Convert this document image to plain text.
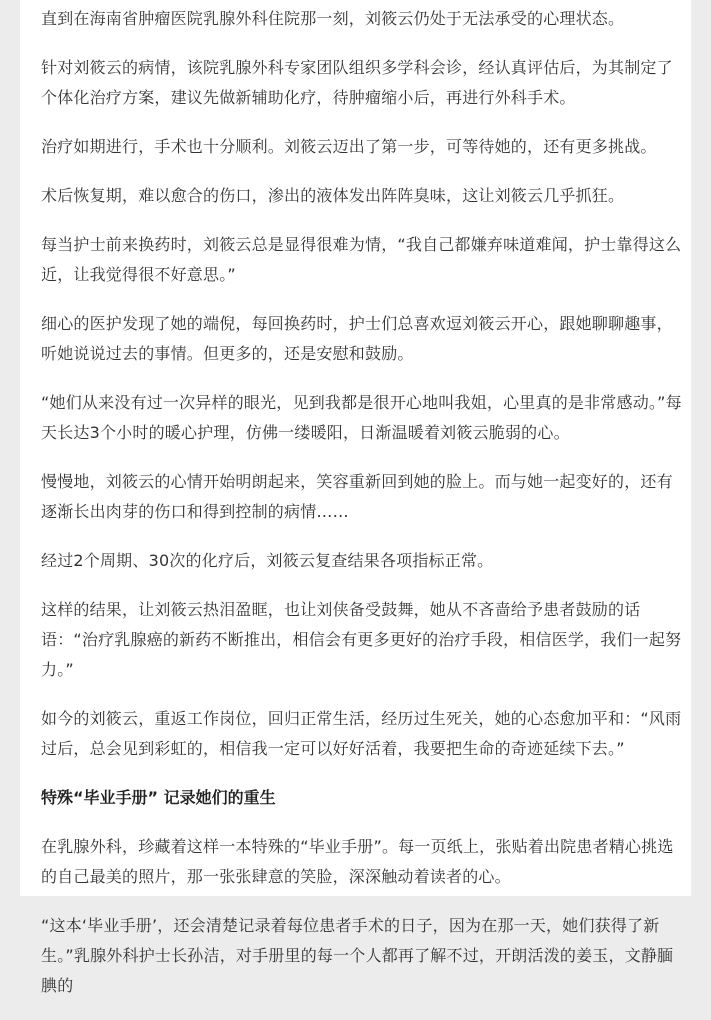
直到在海南省肿瘤医院乳腺外科住院那一刻，刘筱云仍处于无法承受的心理状态。

针对刘筱云的病情，该院乳腺外科专家团队组织多学科会诊，经认真评估后，为其制定了个体化治疗方案，建议先做新辅助化疗，待肿瘤缩小后，再进行外科手术。

治疗如期进行，手术也十分顺利。刘筱云迈出了第一步，可等待她的，还有更多挑战。

术后恢复期，难以愈合的伤口，渗出的液体发出阵阵臭味，这让刘筱云几乎抓狂。

每当护士前来换药时，刘筱云总是显得很难为情，“我自己都嫌弃味道难闻，护士靠得这么近，让我觉得很不好意思。”

细心的医护发现了她的端倪，每回换药时，护士们总喜欢逗刘筱云开心，跟她聊聊趣事，听她说说过去的事情。但更多的，还是安慰和鼓励。

“她们从来没有过一次异样的眼光，见到我都是很开心地叫我姐，心里真的是非常感动。”每天长达3个小时的暖心护理，仿佛一缕暖阳，日渐温暖着刘筱云脆弱的心。

慢慢地，刘筱云的心情开始明朗起来，笑容重新回到她的脸上。而与她一起变好的，还有逐渐长出肉芽的伤口和得到控制的病情……

经过2个周期、30次的化疗后，刘筱云复查结果各项指标正常。

这样的结果，让刘筱云热泪盈眶，也让刘侠备受鼓舞，她从不吝啬给予患者鼓励的话语：“治疗乳腺癌的新药不断推出，相信会有更多更好的治疗手段，相信医学，我们一起努力。”

如今的刘筱云，重返工作岗位，回归正常生活，经历过生死关，她的心态愈加平和：“风雨过后，总会见到彩虹的，相信我一定可以好好活着，我要把生命的奇迹延续下去。”

特殊“毕业手册” 记录她们的重生

在乳腺外科，珍藏着这样一本特殊的“毕业手册”。每一页纸上，张贴着出院患者精心挑选的自己最美的照片，那一张张肆意的笑脸，深深触动着读者的心。

“这本‘毕业手册’，还会清楚记录着每位患者手术的日子，因为在那一天，她们获得了新生。”乳腺外科护士长孙洁，对手册里的每一个人都再了解不过，开朗活泼的姜玉，文静腼腆的
